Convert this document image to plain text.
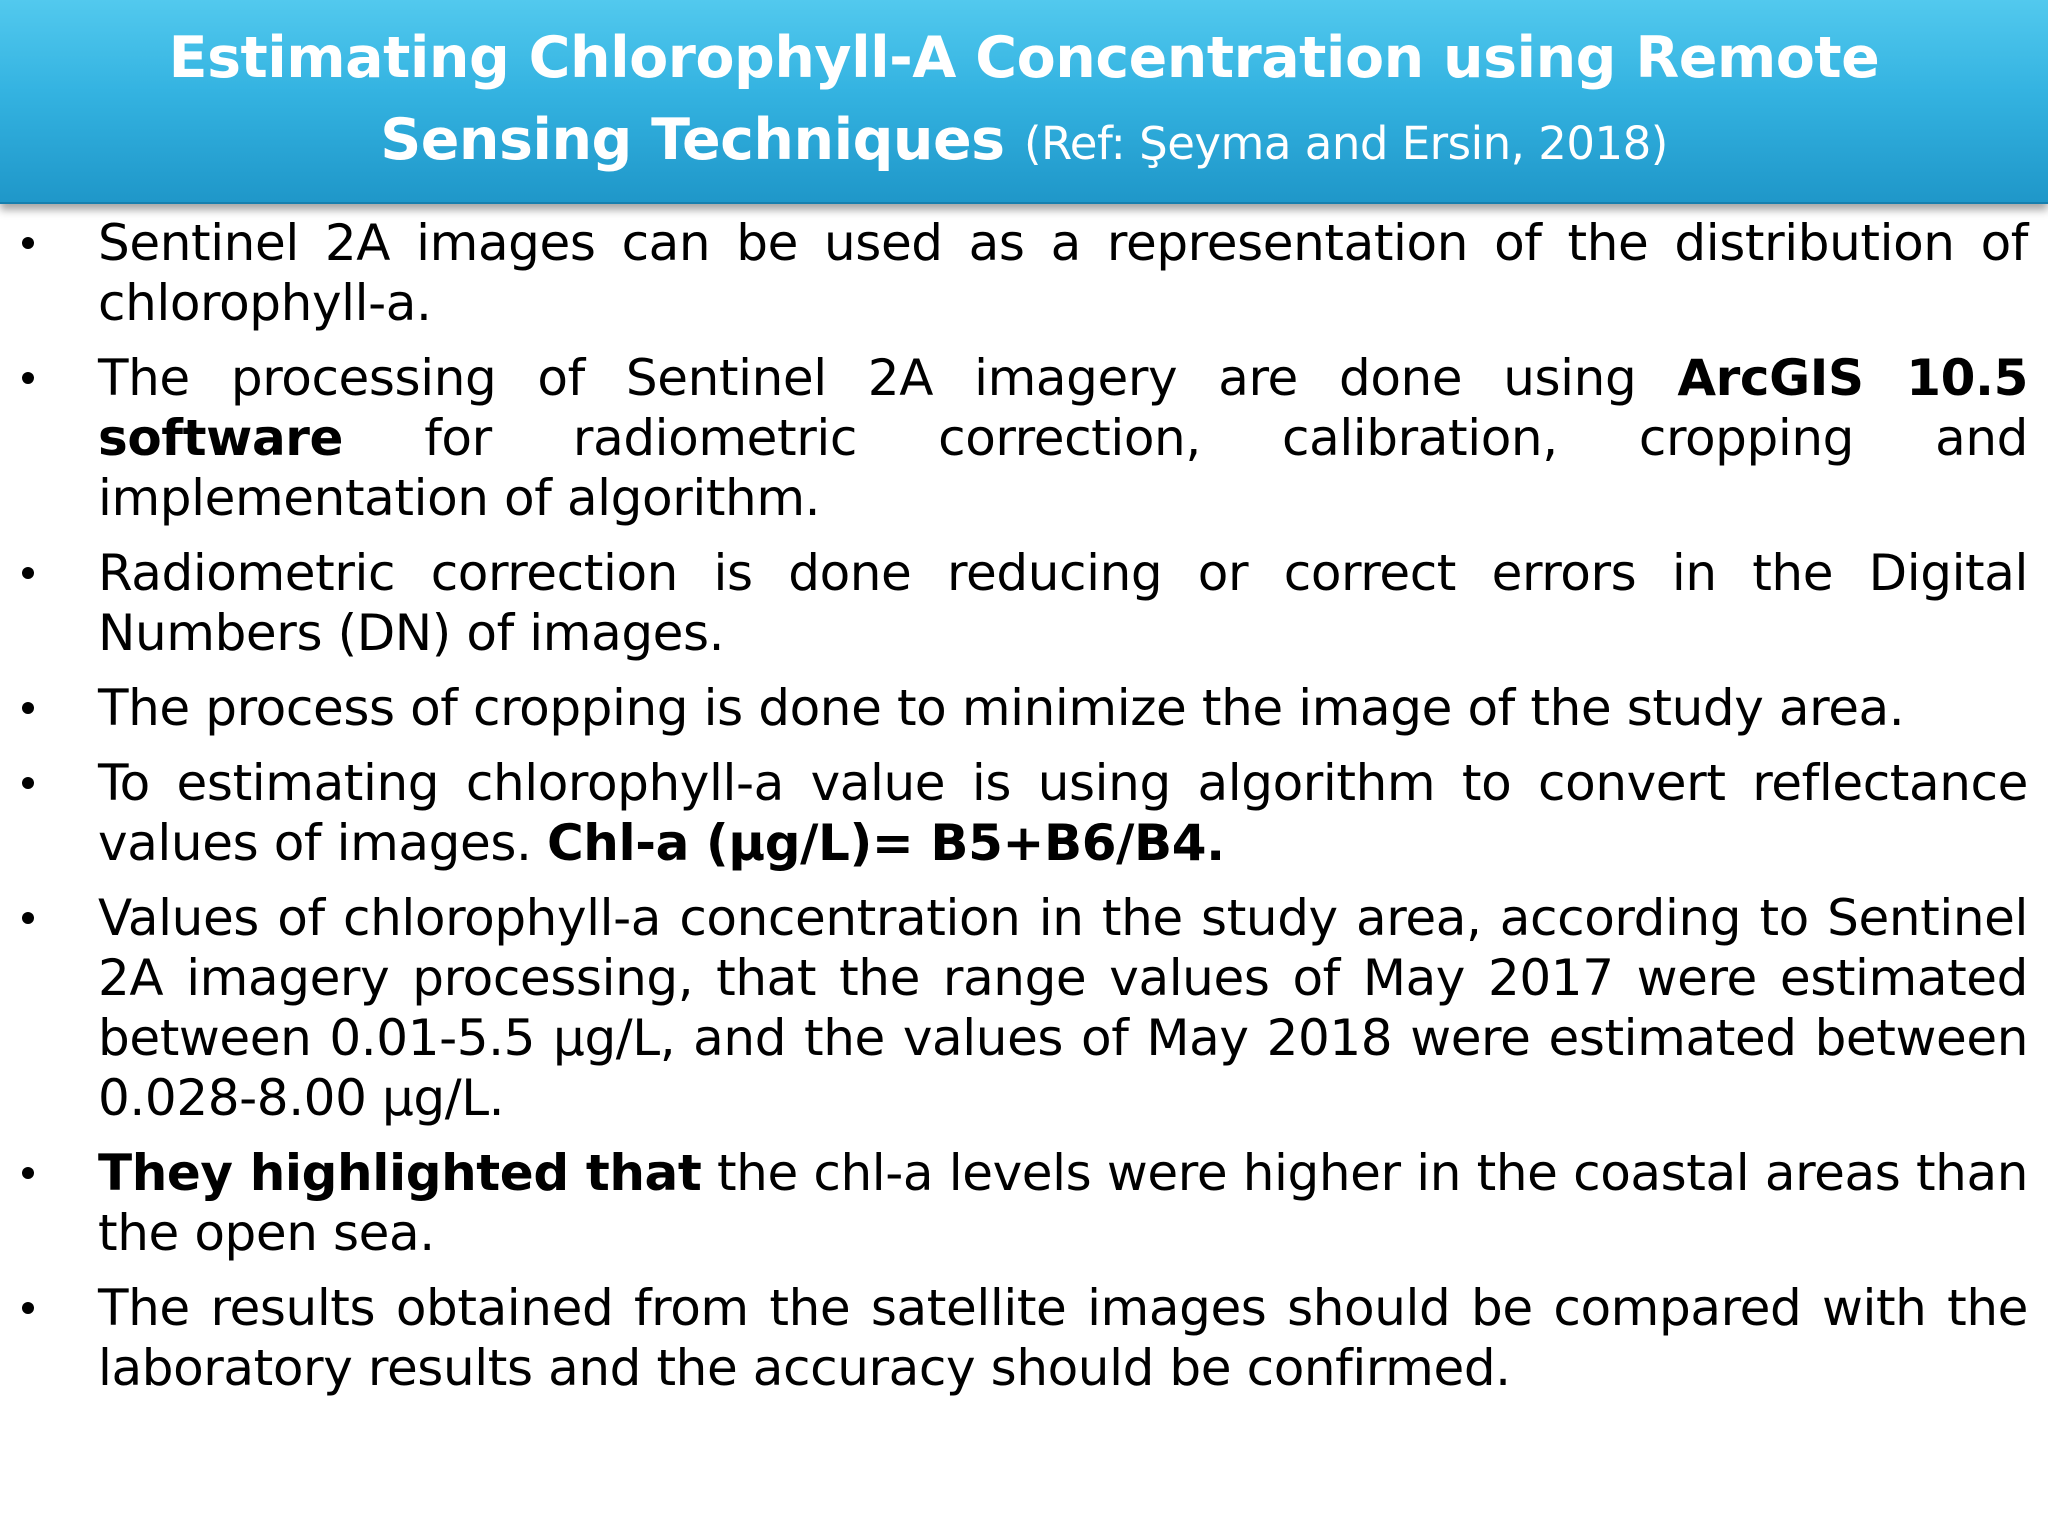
Estimating Chlorophyll-A Concentration using Remote Sensing Techniques (Ref: Şeyma and Ersin, 2018)
Sentinel 2A images can be used as a representation of the distribution of chlorophyll-a.
The processing of Sentinel 2A imagery are done using ArcGIS 10.5 software for radiometric correction, calibration, cropping and implementation of algorithm.
Radiometric correction is done reducing or correct errors in the Digital Numbers (DN) of images.
The process of cropping is done to minimize the image of the study area.
To estimating chlorophyll-a value is using algorithm to convert reflectance values of images. Chl-a (µg/L)= B5+B6/B4.
Values of chlorophyll-a concentration in the study area, according to Sentinel 2A imagery processing, that the range values of May 2017 were estimated between 0.01-5.5 µg/L, and the values of May 2018 were estimated between 0.028-8.00 µg/L.
They highlighted that the chl-a levels were higher in the coastal areas than the open sea.
The results obtained from the satellite images should be compared with the laboratory results and the accuracy should be confirmed.
